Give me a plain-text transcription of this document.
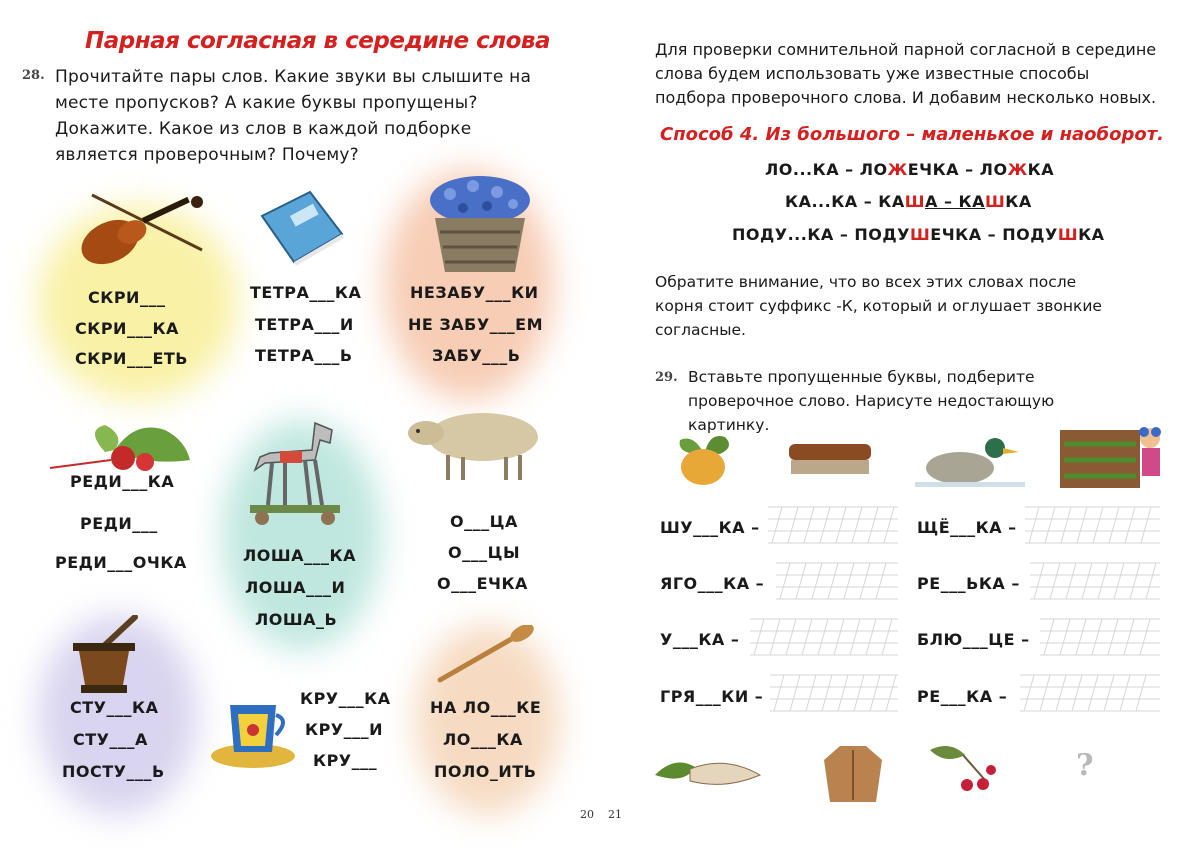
Парная согласная в середине слова
28. Прочитайте пары слов. Какие звуки вы слышите на месте пропусков? А какие буквы пропущены? Докажите. Какое из слов в каждой подборке является проверочным? Почему?
СКРИ___
СКРИ___КА
СКРИ___ЕТЬ
ТЕТРА___КА
ТЕТРА___И
ТЕТРА___Ь
НЕЗАБУ___КИ
НЕ ЗАБУ___ЕМ
ЗАБУ___Ь
РЕДИ___КА
РЕДИ___
РЕДИ___ОЧКА	ЛОША___КА
ЛОША___И
ЛОША_Ь
О___ЦА
О___ЦЫ
О___ЕЧКА
СТУ___КА
СТУ___А
ПОСТУ___Ь
КРУ___КА
КРУ___И
КРУ___
НА ЛО___КЕ
ЛО___КА
ПОЛО_ИТЬ
20
Для проверки сомнительной парной согласной в середине слова будем использовать уже известные способы подбора проверочного слова. И добавим несколько новых.
Способ 4. Из большого – маленькое и наоборот.
ЛО...КА – ЛОЖЕЧКА – ЛОЖКА
КА...КА – КАША – КАШКА
ПОДУ...КА – ПОДУШЕЧКА – ПОДУШКА
Обратите внимание, что во всех этих словах после корня стоит суффикс -К, который и оглушает звонкие согласные.
29. Вставьте пропущенные буквы, подберите проверочное слово. Нарисуте недостающую картинку.
ШУ___КА –
ЯГО___КА –
У___КА –
ГРЯ___КИ –
ЩЁ___КА –
РЕ___ЬКА –
БЛЮ___ЦЕ –
РЕ___КА –
?
21
